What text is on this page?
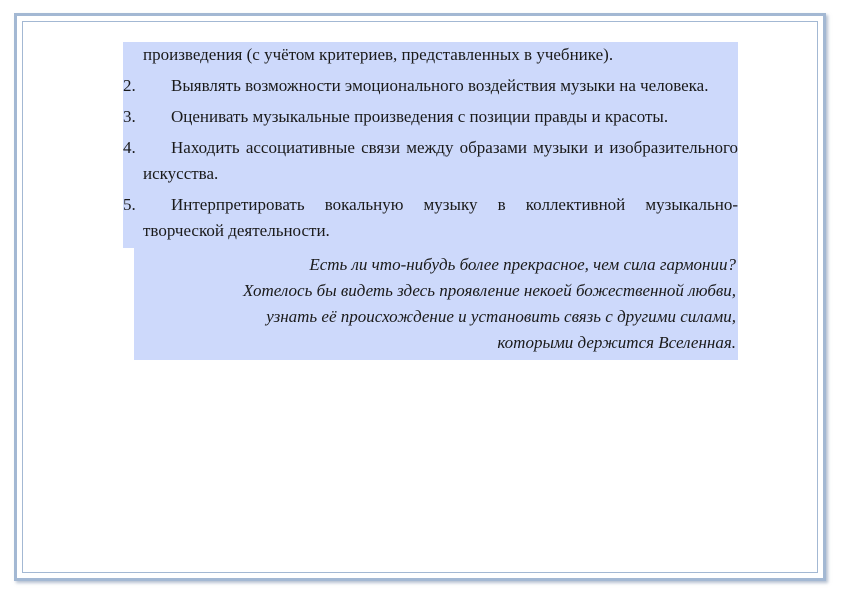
произведения (с учётом критериев, представленных в учебнике).

2. Выявлять возможности эмоционального воздействия музыки на человека.

3. Оценивать музыкальные произведения с позиции правды и красоты.

4. Находить ассоциативные связи между образами музыки и изобразительного искусства.

5. Интерпретировать вокальную музыку в коллективной музыкально-творческой деятельности.

Есть ли что-нибудь более прекрасное, чем сила гармонии?

Хотелось бы видеть здесь проявление некоей божественной любви,

узнать её происхождение и установить связь с другими силами,

которыми держится Вселенная.
